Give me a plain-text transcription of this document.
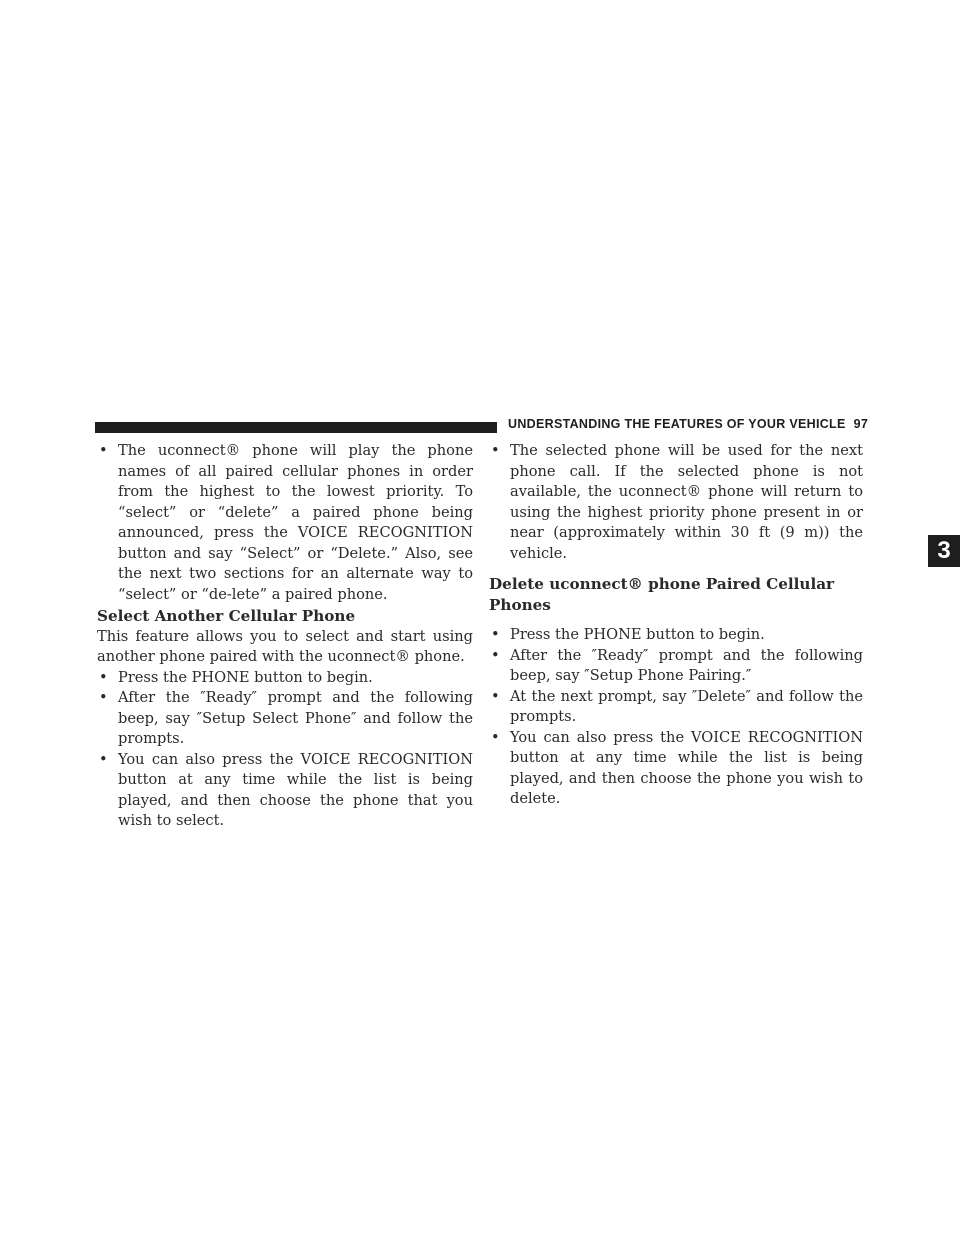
UNDERSTANDING THE FEATURES OF YOUR VEHICLE 97
3

• The uconnect® phone will play the phone names of all paired cellular phones in order from the highest to the lowest priority. To “select” or “delete” a paired phone being announced, press the VOICE RECOGNITION button and say “Select” or “Delete.” Also, see the next two sections for an alternate way to “select” or “de-lete” a paired phone.

Select Another Cellular Phone

This feature allows you to select and start using another phone paired with the uconnect® phone.

• Press the PHONE button to begin.

• After the ″Ready″ prompt and the following beep, say ″Setup Select Phone″ and follow the prompts.

• You can also press the VOICE RECOGNITION button at any time while the list is being played, and then choose the phone that you wish to select.

• The selected phone will be used for the next phone call. If the selected phone is not available, the uconnect® phone will return to using the highest priority phone present in or near (approximately within 30 ft (9 m)) the vehicle.

Delete uconnect® phone Paired Cellular Phones

• Press the PHONE button to begin.

• After the ″Ready″ prompt and the following beep, say ″Setup Phone Pairing.″

• At the next prompt, say ″Delete″ and follow the prompts.

• You can also press the VOICE RECOGNITION button at any time while the list is being played, and then choose the phone you wish to delete.
